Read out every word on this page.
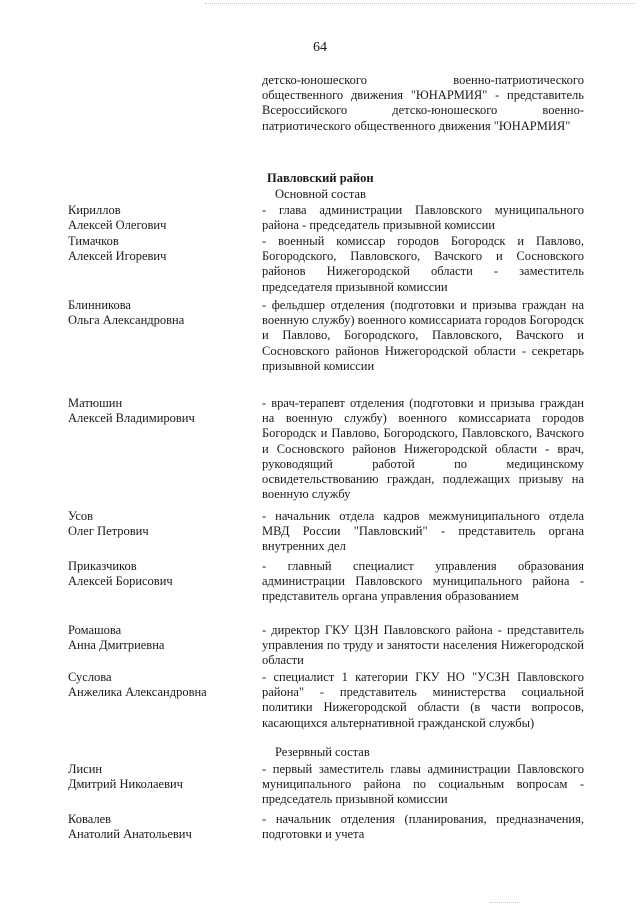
64
детско-юношеского военно-патриотического общественного движения "ЮНАРМИЯ" - представитель Всероссийского детско-юношеского военно-патриотического общественного движения "ЮНАРМИЯ"
Павловский район
Основной состав
Кириллов
Алексей Олегович
- глава администрации Павловского муниципального района - председатель призывной комиссии
Тимачков
Алексей Игоревич
- военный комиссар городов Богородск и Павлово, Богородского, Павловского, Вачского и Сосновского районов Нижегородской области - заместитель председателя призывной комиссии
Блинникова
Ольга Александровна
- фельдшер отделения (подготовки и призыва граждан на военную службу) военного комиссариата городов Богородск и Павлово, Богородского, Павловского, Вачского и Сосновского районов Нижегородской области - секретарь призывной комиссии
Матюшин
Алексей Владимирович
- врач-терапевт отделения (подготовки и призыва граждан на военную службу) военного комиссариата городов Богородск и Павлово, Богородского, Павловского, Вачского и Сосновского районов Нижегородской области - врач, руководящий работой по медицинскому освидетельствованию граждан, подлежащих призыву на военную службу
Усов
Олег Петрович
- начальник отдела кадров межмуниципального отдела МВД России "Павловский" - представитель органа внутренних дел
Приказчиков
Алексей Борисович
- главный специалист управления образования администрации Павловского муниципального района - представитель органа управления образованием
Ромашова
Анна Дмитриевна
- директор ГКУ ЦЗН Павловского района - представитель управления по труду и занятости населения Нижегородской области
Суслова
Анжелика Александровна
- специалист 1 категории ГКУ НО "УСЗН Павловского района" - представитель министерства социальной политики Нижегородской области (в части вопросов, касающихся альтернативной гражданской службы)
Резервный состав
Лисин
Дмитрий Николаевич
- первый заместитель главы администрации Павловского муниципального района по социальным вопросам - председатель призывной комиссии
Ковалев
Анатолий Анатольевич
- начальник отделения (планирования, предназначения, подготовки и учета
